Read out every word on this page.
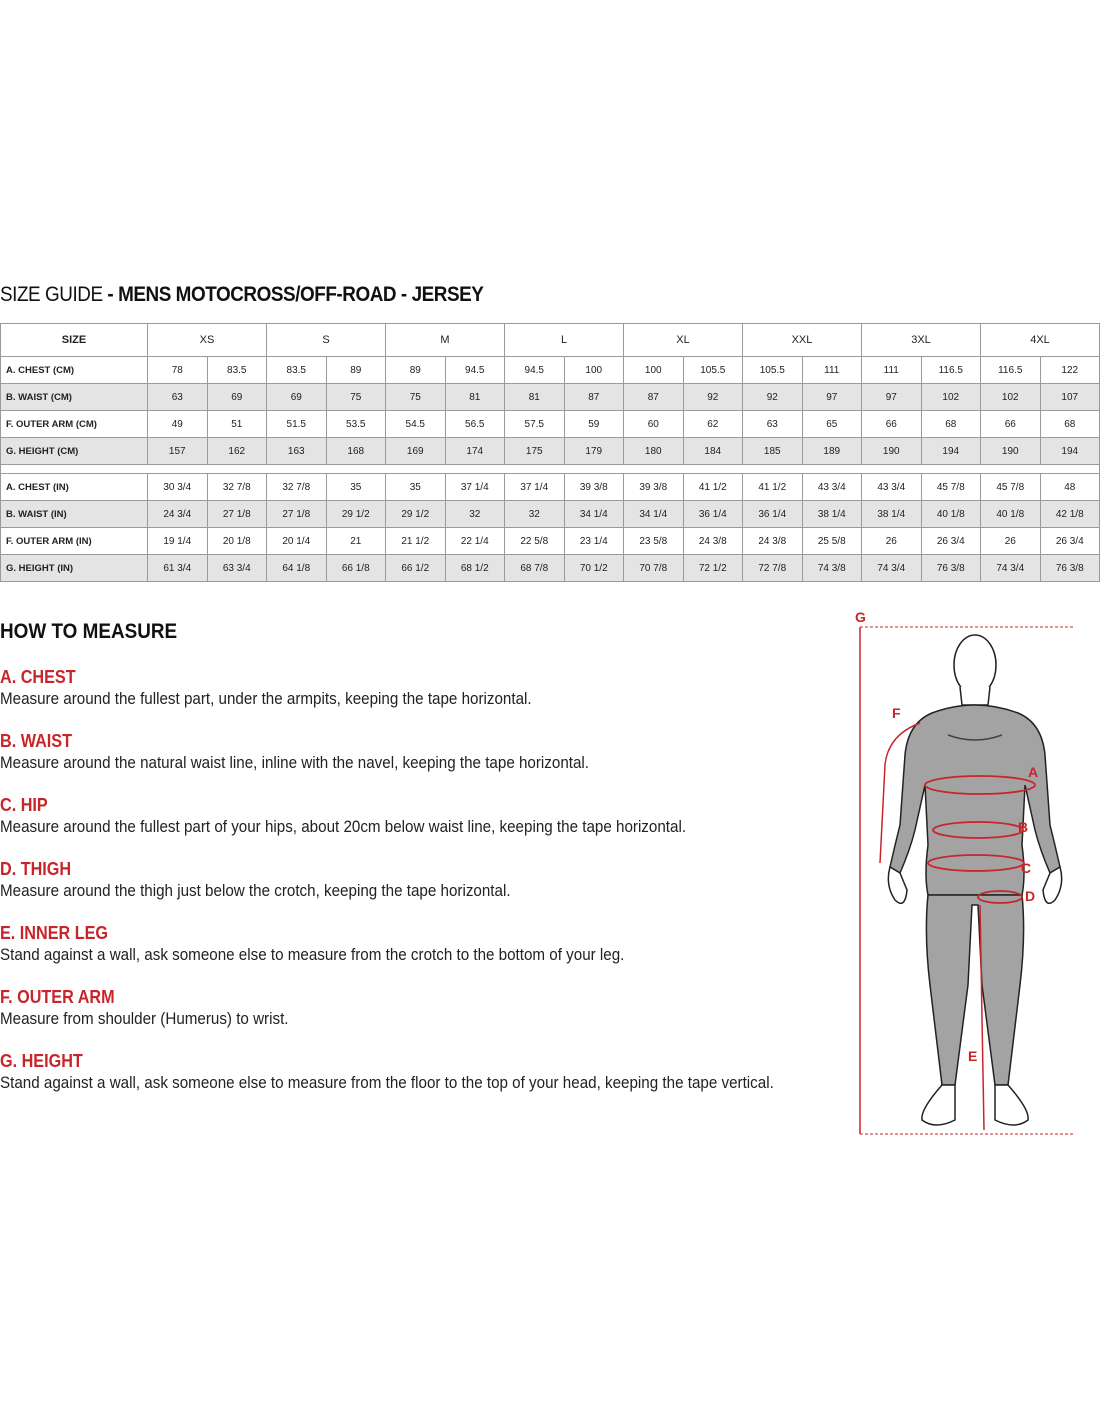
SIZE GUIDE - MENS MOTOCROSS/OFF-ROAD - JERSEY
SIZE	XS		S		M		L		XL		XXL		3XL		4XL	
A. CHEST (CM)	78	83.5	83.5	89	89	94.5	94.5	100	100	105.5	105.5	111	111	116.5	116.5	122
B. WAIST (CM)	63	69	69	75	75	81	81	87	87	92	92	97	97	102	102	107
F. OUTER ARM (CM)	49	51	51.5	53.5	54.5	56.5	57.5	59	60	62	63	65	66	68	66	68
G. HEIGHT (CM)	157	162	163	168	169	174	175	179	180	184	185	189	190	194	190	194

A. CHEST (IN)	30 3/4	32 7/8	32 7/8	35	35	37 1/4	37 1/4	39 3/8	39 3/8	41 1/2	41 1/2	43 3/4	43 3/4	45 7/8	45 7/8	48
B. WAIST (IN)	24 3/4	27 1/8	27 1/8	29 1/2	29 1/2	32	32	34 1/4	34 1/4	36 1/4	36 1/4	38 1/4	38 1/4	40 1/8	40 1/8	42 1/8
F. OUTER ARM (IN)	19 1/4	20 1/8	20 1/4	21	21 1/2	22 1/4	22 5/8	23 1/4	23 5/8	24 3/8	24 3/8	25 5/8	26	26 3/4	26	26 3/4
G. HEIGHT (IN)	61 3/4	63 3/4	64 1/8	66 1/8	66 1/2	68 1/2	68 7/8	70 1/2	70 7/8	72 1/2	72 7/8	74 3/8	74 3/4	76 3/8	74 3/4	76 3/8
HOW TO MEASURE
A. CHEST
Measure around the fullest part, under the armpits, keeping the tape horizontal.
B. WAIST
Measure around the natural waist line, inline with the navel, keeping the tape horizontal.
C. HIP
Measure around the fullest part of your hips, about 20cm below waist line, keeping the tape horizontal.
D. THIGH
Measure around the thigh just below the crotch, keeping the tape horizontal.
E. INNER LEG
Stand against a wall, ask someone else to measure from the crotch to the bottom of your leg.
F. OUTER ARM
Measure from shoulder (Humerus) to wrist.
G. HEIGHT
Stand against a wall, ask someone else to measure from the floor to the top of your head, keeping the tape vertical.
G
A
B
C
D
E
F
